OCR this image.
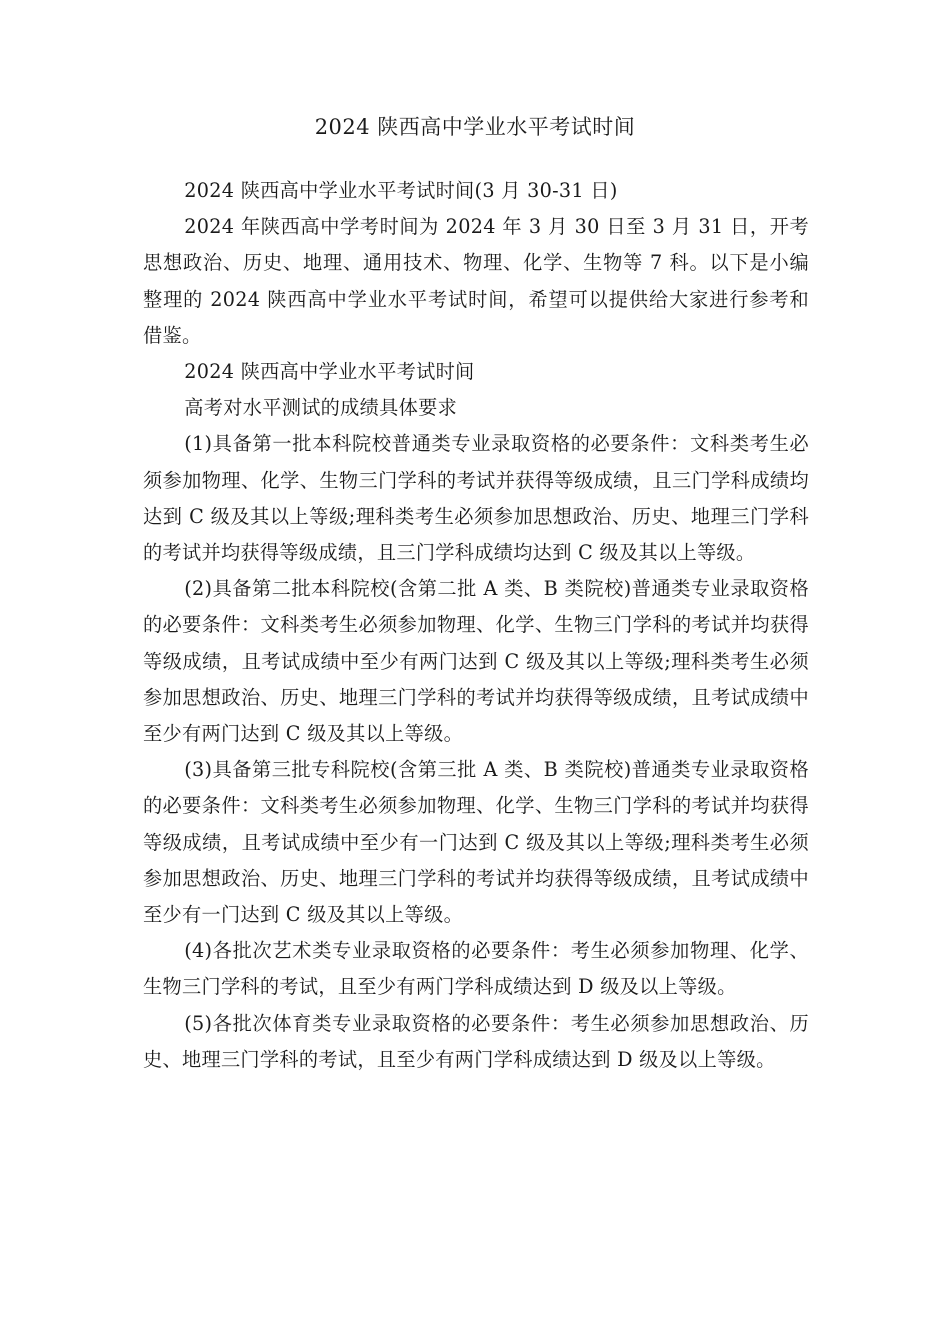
2024 陕西高中学业水平考试时间

2024 陕西高中学业水平考试时间(3 月 30-31 日)

2024 年陕西高中学考时间为 2024 年 3 月 30 日至 3 月 31 日，开考思想政治、历史、地理、通用技术、物理、化学、生物等 7 科。以下是小编整理的 2024 陕西高中学业水平考试时间，希望可以提供给大家进行参考和借鉴。

2024 陕西高中学业水平考试时间

高考对水平测试的成绩具体要求

(1)具备第一批本科院校普通类专业录取资格的必要条件：文科类考生必须参加物理、化学、生物三门学科的考试并获得等级成绩，且三门学科成绩均达到 C 级及其以上等级;理科类考生必须参加思想政治、历史、地理三门学科的考试并均获得等级成绩，且三门学科成绩均达到 C 级及其以上等级。

(2)具备第二批本科院校(含第二批 A 类、B 类院校)普通类专业录取资格的必要条件：文科类考生必须参加物理、化学、生物三门学科的考试并均获得等级成绩，且考试成绩中至少有两门达到 C 级及其以上等级;理科类考生必须参加思想政治、历史、地理三门学科的考试并均获得等级成绩，且考试成绩中至少有两门达到 C 级及其以上等级。

(3)具备第三批专科院校(含第三批 A 类、B 类院校)普通类专业录取资格的必要条件：文科类考生必须参加物理、化学、生物三门学科的考试并均获得等级成绩，且考试成绩中至少有一门达到 C 级及其以上等级;理科类考生必须参加思想政治、历史、地理三门学科的考试并均获得等级成绩，且考试成绩中至少有一门达到 C 级及其以上等级。

(4)各批次艺术类专业录取资格的必要条件：考生必须参加物理、化学、生物三门学科的考试，且至少有两门学科成绩达到 D 级及以上等级。

(5)各批次体育类专业录取资格的必要条件：考生必须参加思想政治、历史、地理三门学科的考试，且至少有两门学科成绩达到 D 级及以上等级。
